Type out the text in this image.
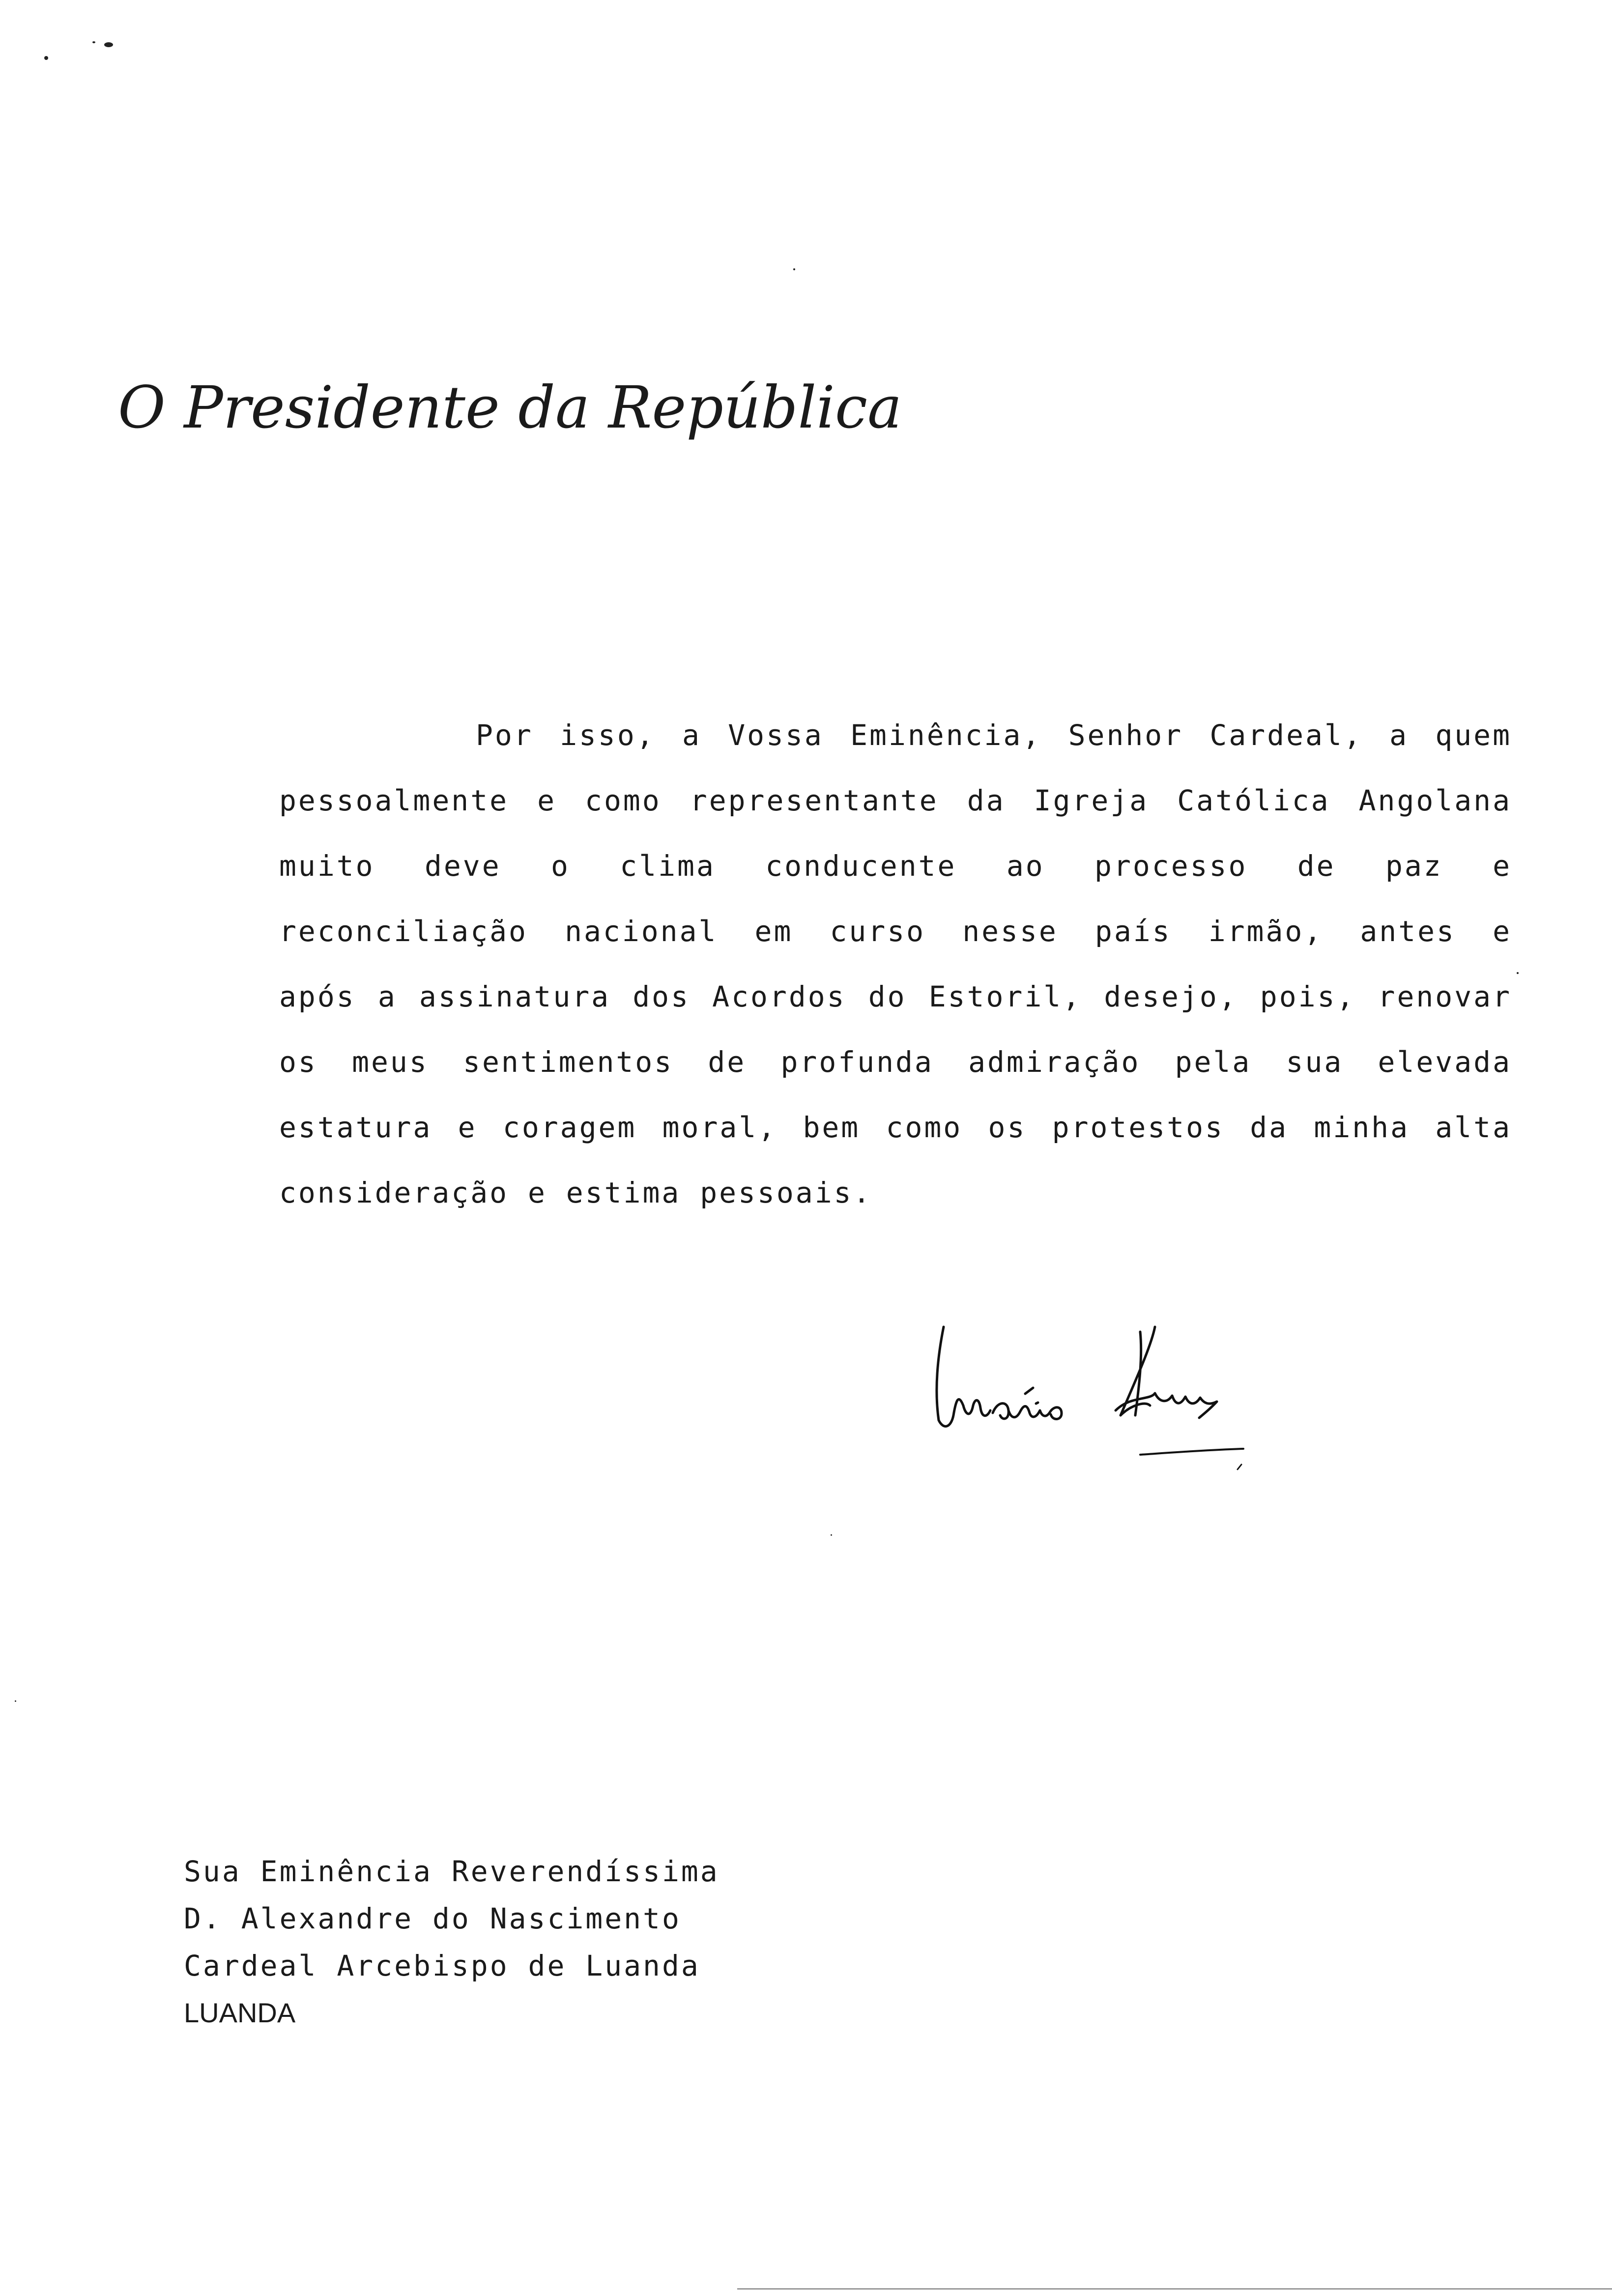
O Presidente da República
Por isso, a Vossa Eminência, Senhor Cardeal, a quem
pessoalmente e como representante da Igreja Católica Angolana
muito deve o clima conducente ao processo de paz e
reconciliação nacional em curso nesse país irmão, antes e
após a assinatura dos Acordos do Estoril, desejo, pois, renovar
os meus sentimentos de profunda admiração pela sua elevada
estatura e coragem moral, bem como os protestos da minha alta
consideração e estima pessoais.
Sua Eminência Reverendíssima
D. Alexandre do Nascimento
Cardeal Arcebispo de Luanda
LUANDA
